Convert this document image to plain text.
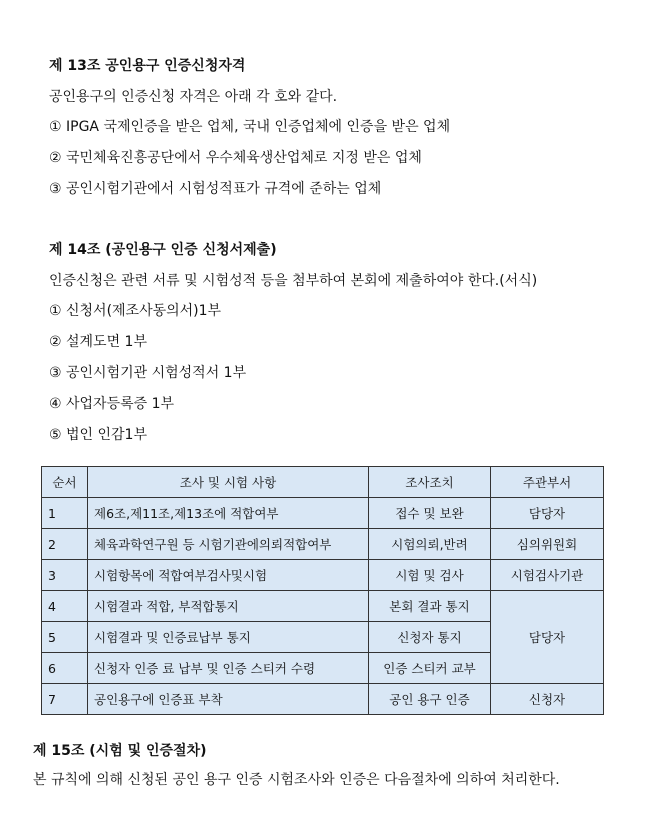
제 13조 공인용구 인증신청자격
공인용구의 인증신청 자격은 아래 각 호와 같다.
① IPGA 국제인증을 받은 업체, 국내 인증업체에 인증을 받은 업체
② 국민체육진흥공단에서 우수체육생산업체로 지정 받은 업체
③ 공인시험기관에서 시험성적표가 규격에 준하는 업체
제 14조 (공인용구 인증 신청서제출)
인증신청은 관련 서류 및 시험성적 등을 첨부하여 본회에 제출하여야 한다.(서식)
① 신청서(제조사동의서)1부
② 설계도면 1부
③ 공인시험기관 시험성적서 1부
④ 사업자등록증 1부
⑤ 법인 인감1부
순서	조사 및 시험 사항	조사조치	주관부서
1	제6조,제11조,제13조에 적합여부	접수 및 보완	담당자
2	체육과학연구원 등 시험기관에의뢰적합여부	시험의뢰,반려	심의위원회
3	시험항목에 적합여부검사및시험	시험 및 검사	시험검사기관
4	시험결과 적합, 부적합통지	본회 결과 통지	담당자
5	시험결과 및 인증료납부 통지	신청자 통지	
6	신청자 인증 료 납부 및 인증 스티커 수령	인증 스티커 교부	
7	공인용구에 인증표 부착	공인 용구 인증	신청자
제 15조 (시험 및 인증절차)
본 규칙에 의해 신청된 공인 용구 인증 시험조사와 인증은 다음절차에 의하여 처리한다.
